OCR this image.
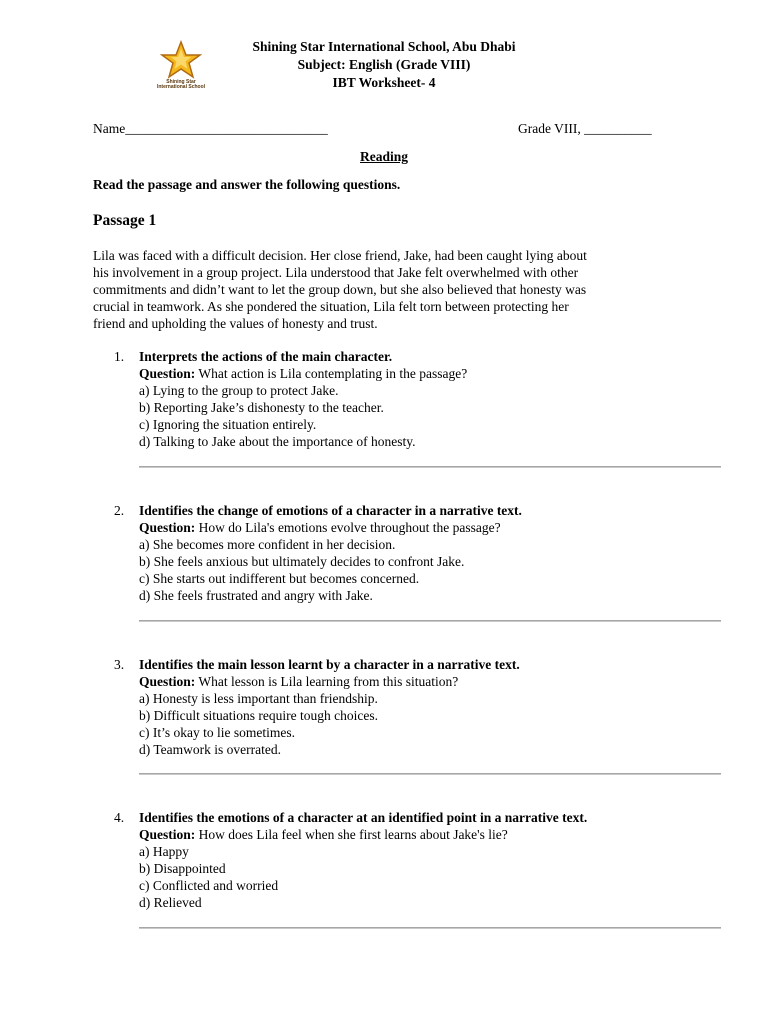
Shining Star
International School
Shining Star International School, Abu Dhabi
Subject: English (Grade VIII)
IBT Worksheet- 4
Name______________________________	Grade VIII, __________
Reading
Read the passage and answer the following questions.
Passage 1
Lila was faced with a difficult decision. Her close friend, Jake, had been caught lying about
his involvement in a group project. Lila understood that Jake felt overwhelmed with other
commitments and didn’t want to let the group down, but she also believed that honesty was
crucial in teamwork. As she pondered the situation, Lila felt torn between protecting her
friend and upholding the values of honesty and trust.
1.	Interprets the actions of the main character.
Question: What action is Lila contemplating in the passage?
a) Lying to the group to protect Jake.
b) Reporting Jake’s dishonesty to the teacher.
c) Ignoring the situation entirely.
d) Talking to Jake about the importance of honesty.
2.	Identifies the change of emotions of a character in a narrative text.
Question: How do Lila's emotions evolve throughout the passage?
a) She becomes more confident in her decision.
b) She feels anxious but ultimately decides to confront Jake.
c) She starts out indifferent but becomes concerned.
d) She feels frustrated and angry with Jake.
3.	Identifies the main lesson learnt by a character in a narrative text.
Question: What lesson is Lila learning from this situation?
a) Honesty is less important than friendship.
b) Difficult situations require tough choices.
c) It’s okay to lie sometimes.
d) Teamwork is overrated.
4.	Identifies the emotions of a character at an identified point in a narrative text.
Question: How does Lila feel when she first learns about Jake's lie?
a) Happy
b) Disappointed
c) Conflicted and worried
d) Relieved
